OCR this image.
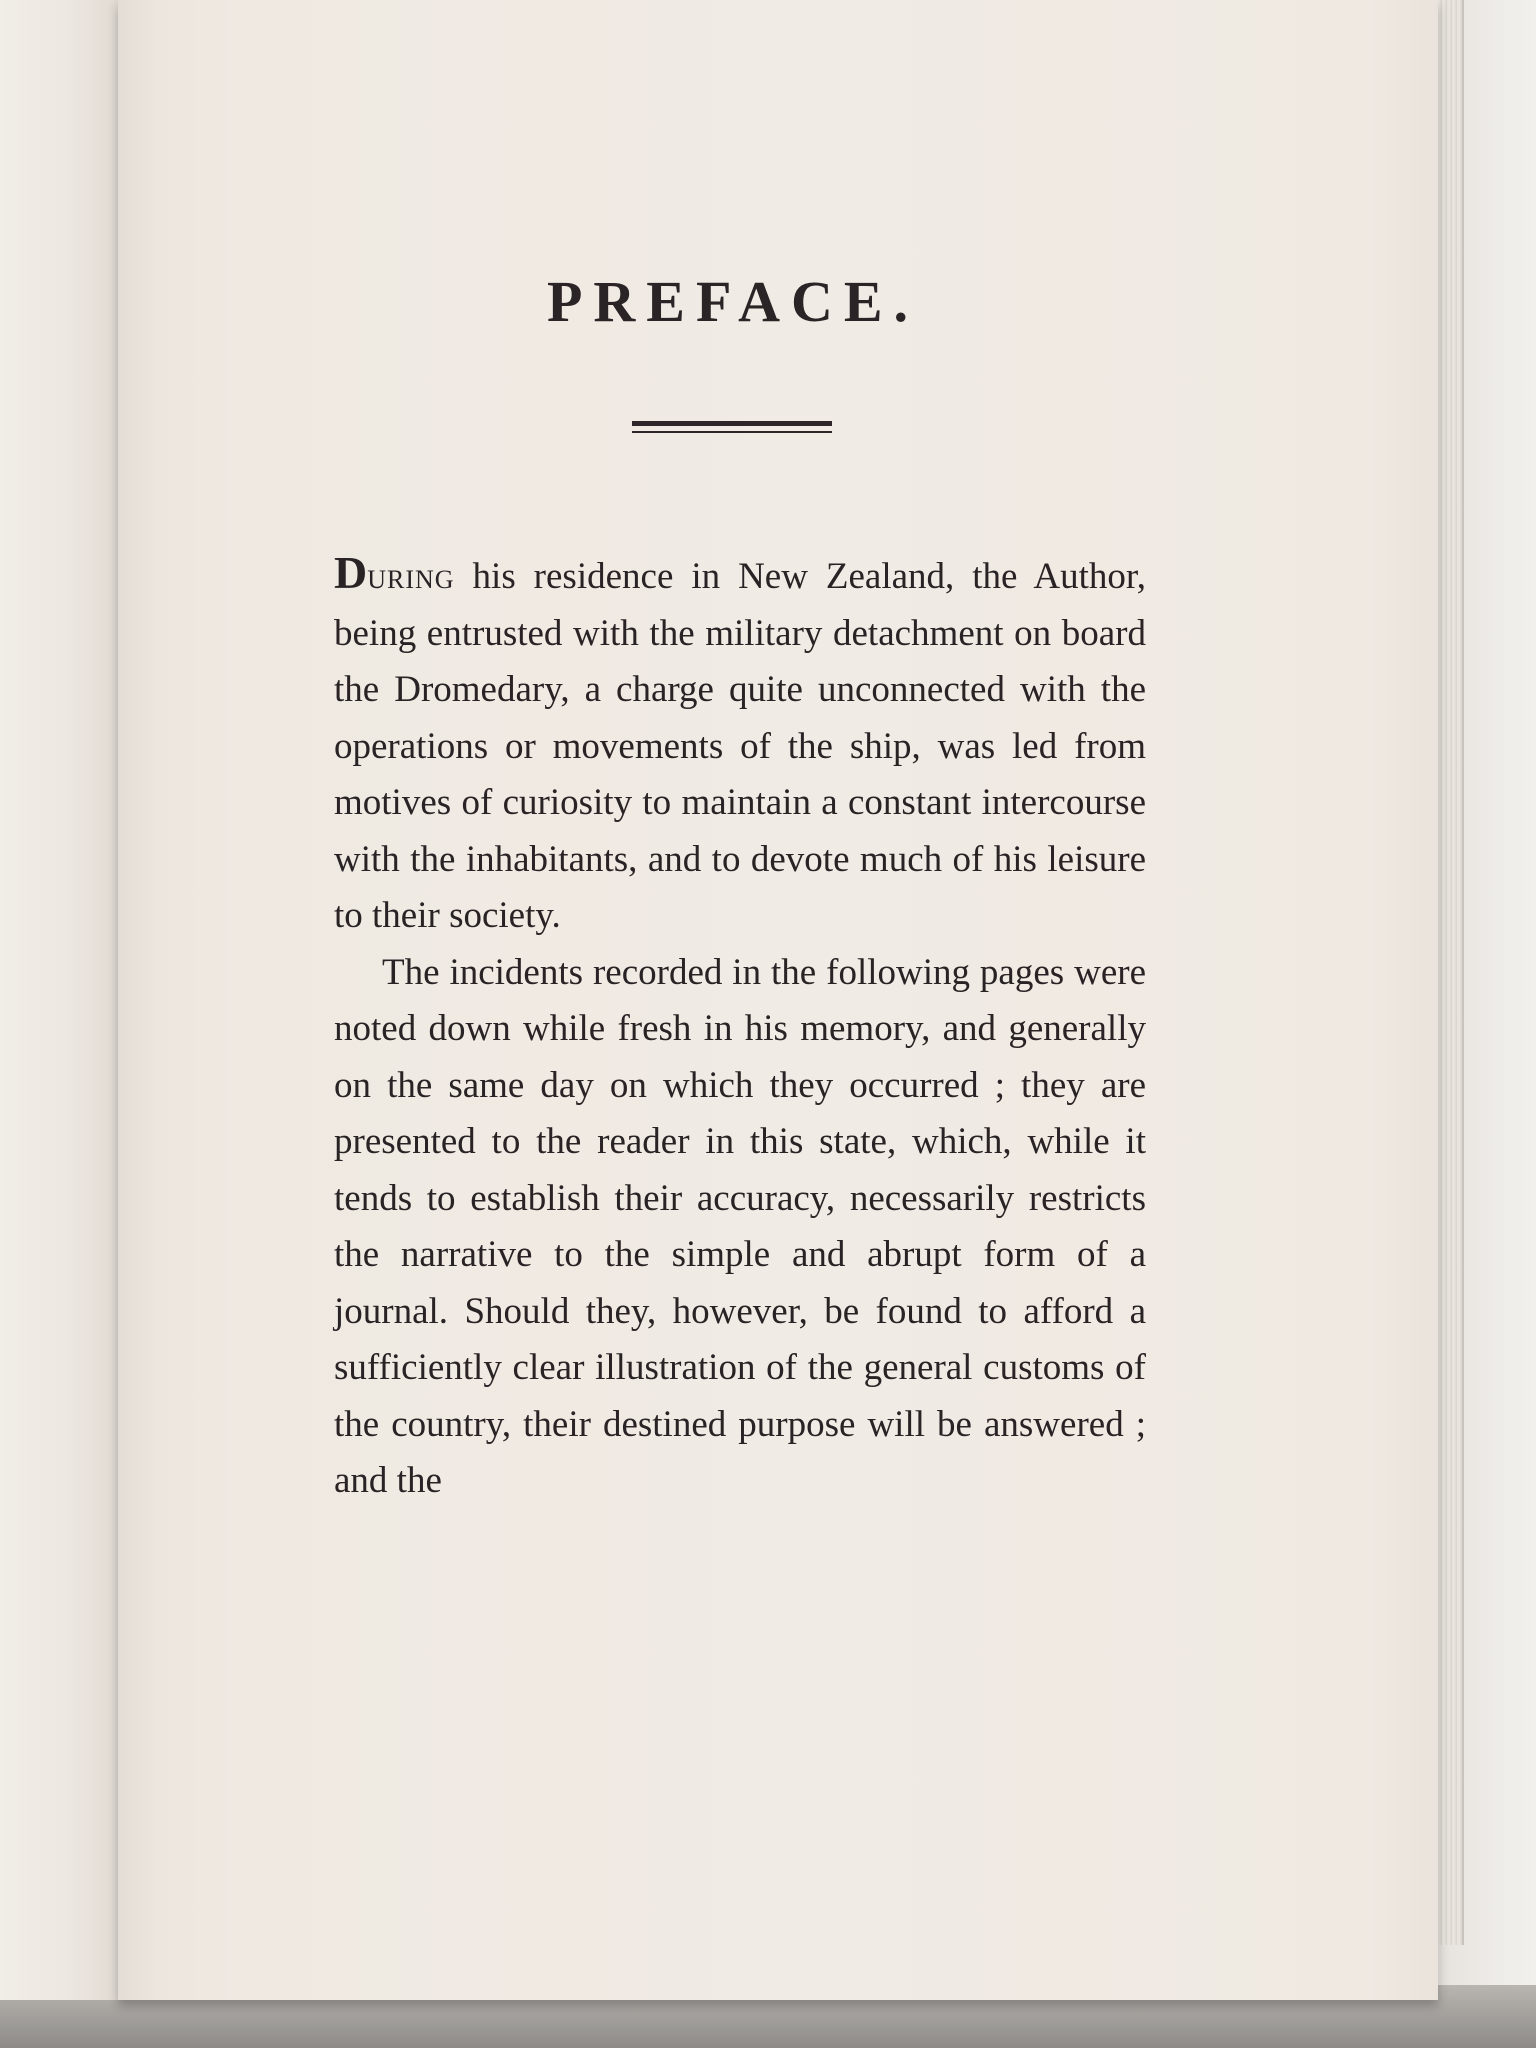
PREFACE.

During his residence in New Zealand, the Author, being entrusted with the military detachment on board the Dromedary, a charge quite unconnected with the operations or movements of the ship, was led from motives of curiosity to maintain a constant intercourse with the inhabitants, and to devote much of his leisure to their society.

The incidents recorded in the following pages were noted down while fresh in his memory, and generally on the same day on which they occurred ; they are presented to the reader in this state, which, while it tends to establish their accuracy, necessarily restricts the narrative to the simple and abrupt form of a journal. Should they, however, be found to afford a sufficiently clear illustration of the general customs of the country, their destined purpose will be answered ; and the
